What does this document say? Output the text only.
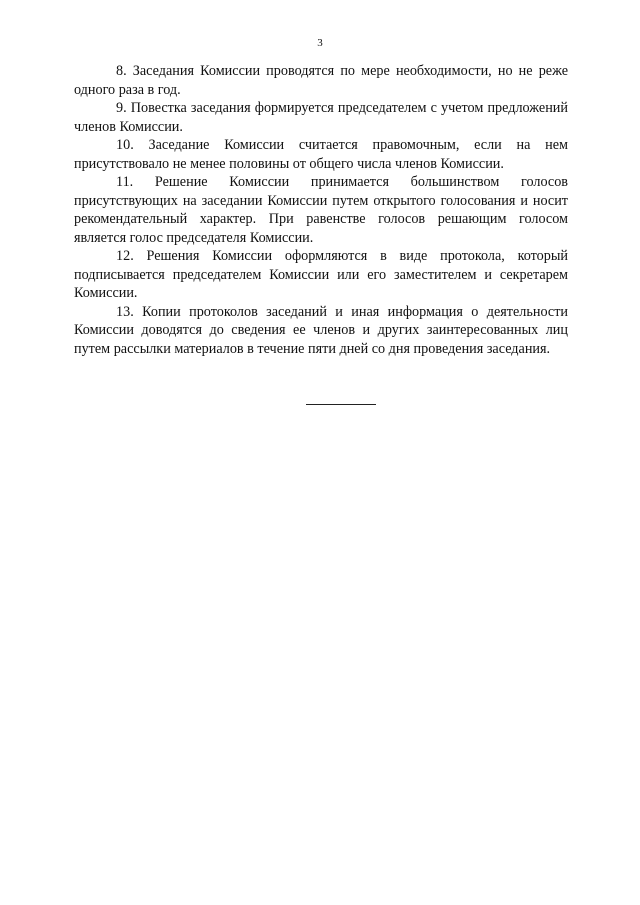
3

8. Заседания Комиссии проводятся по мере необходимости, но не реже одного раза в год.

9. Повестка заседания формируется председателем с учетом предложений членов Комиссии.

10. Заседание Комиссии считается правомочным, если на нем присутствовало не менее половины от общего числа членов Комиссии.

11. Решение Комиссии принимается большинством голосов присутствующих на заседании Комиссии путем открытого голосования и носит рекомендательный характер. При равенстве голосов решающим голосом является голос председателя Комиссии.

12. Решения Комиссии оформляются в виде протокола, который подписывается председателем Комиссии или его заместителем и секретарем Комиссии.

13. Копии протоколов заседаний и иная информация о деятельности Комиссии доводятся до сведения ее членов и других заинтересованных лиц путем рассылки материалов в течение пяти дней со дня проведения заседания.
